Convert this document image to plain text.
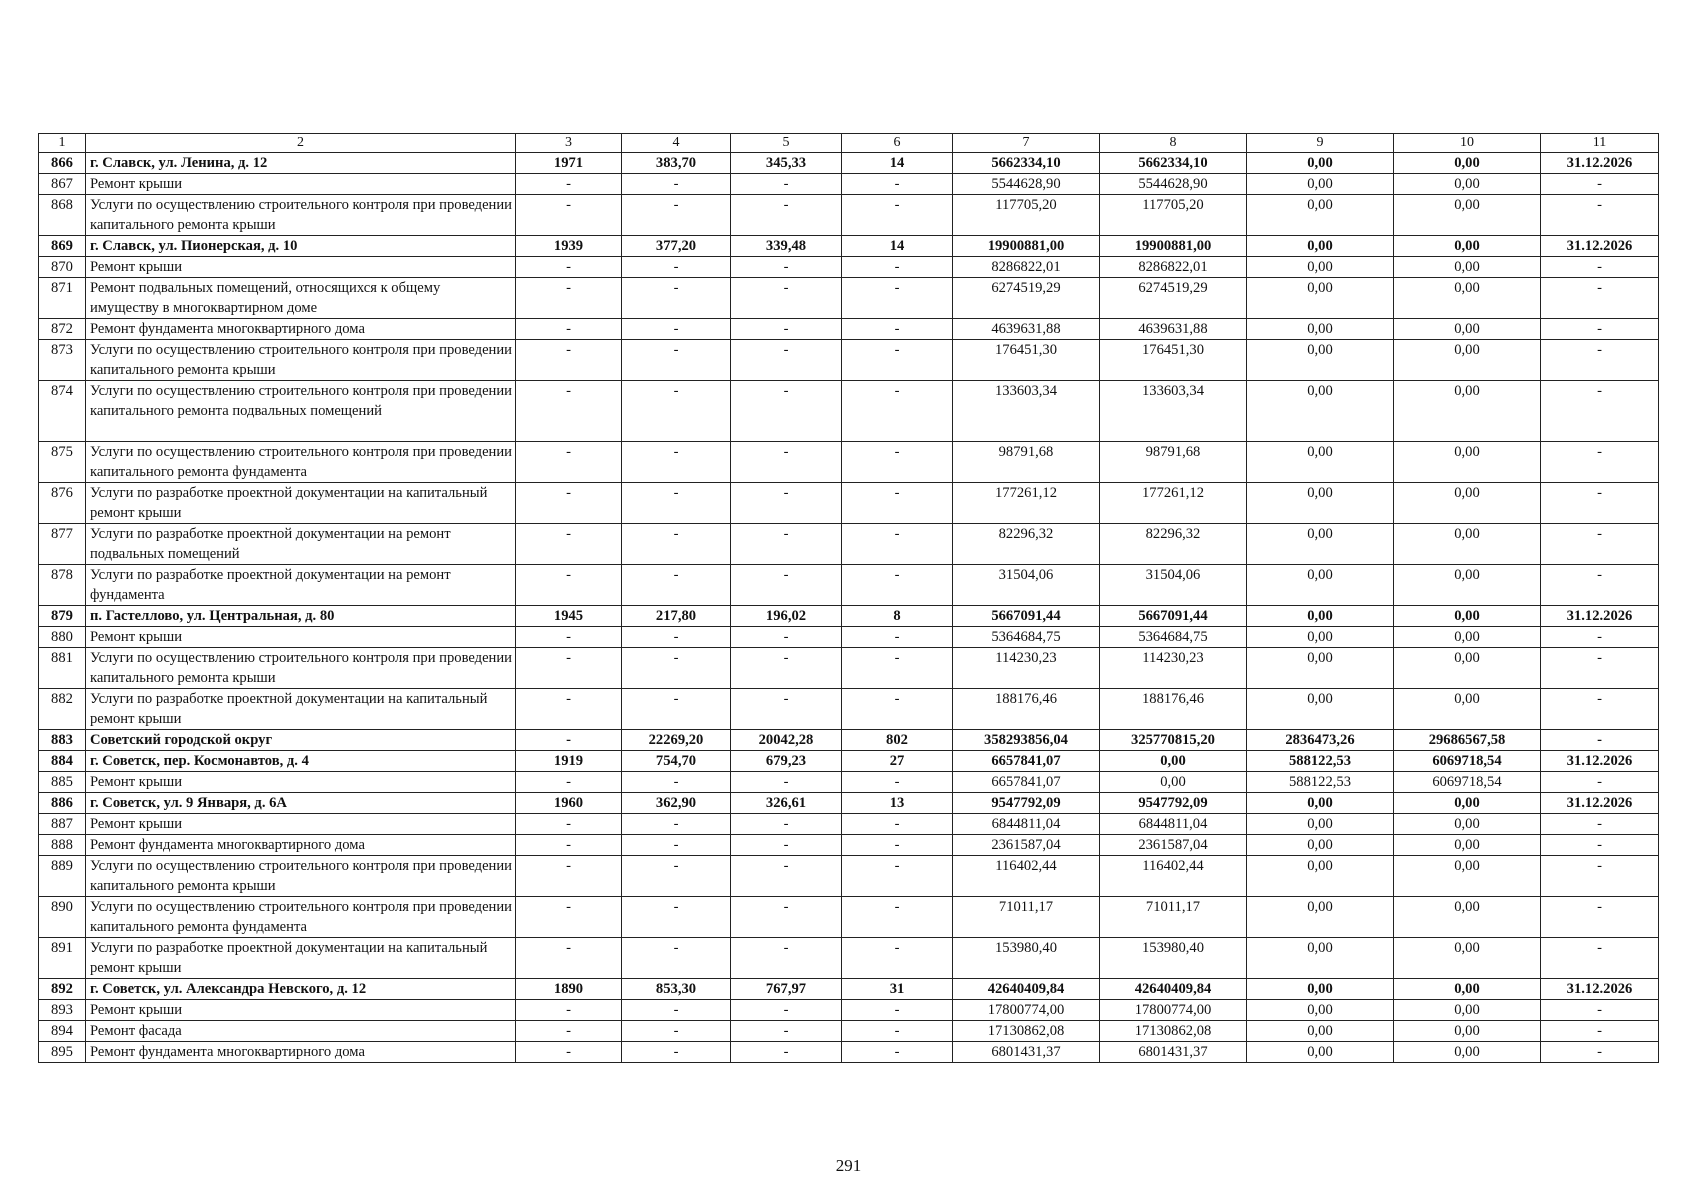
1	2	3	4	5	6	7	8	9	10	11
866	г. Славск, ул. Ленина, д. 12	1971	383,70	345,33	14	5662334,10	5662334,10	0,00	0,00	31.12.2026
867	Ремонт крыши	-	-	-	-	5544628,90	5544628,90	0,00	0,00	-
868	Услуги по осуществлению строительного контроля при проведении капитального ремонта крыши	-	-	-	-	117705,20	117705,20	0,00	0,00	-
869	г. Славск, ул. Пионерская, д. 10	1939	377,20	339,48	14	19900881,00	19900881,00	0,00	0,00	31.12.2026
870	Ремонт крыши	-	-	-	-	8286822,01	8286822,01	0,00	0,00	-
871	Ремонт подвальных помещений, относящихся к общему имуществу в многоквартирном доме	-	-	-	-	6274519,29	6274519,29	0,00	0,00	-
872	Ремонт фундамента многоквартирного дома	-	-	-	-	4639631,88	4639631,88	0,00	0,00	-
873	Услуги по осуществлению строительного контроля при проведении капитального ремонта крыши	-	-	-	-	176451,30	176451,30	0,00	0,00	-
874	Услуги по осуществлению строительного контроля при проведении капитального ремонта подвальных помещений	-	-	-	-	133603,34	133603,34	0,00	0,00	-
875	Услуги по осуществлению строительного контроля при проведении капитального ремонта фундамента	-	-	-	-	98791,68	98791,68	0,00	0,00	-
876	Услуги по разработке проектной документации на капитальный ремонт крыши	-	-	-	-	177261,12	177261,12	0,00	0,00	-
877	Услуги по разработке проектной документации на ремонт подвальных помещений	-	-	-	-	82296,32	82296,32	0,00	0,00	-
878	Услуги по разработке проектной документации на ремонт фундамента	-	-	-	-	31504,06	31504,06	0,00	0,00	-
879	п. Гастеллово, ул. Центральная, д. 80	1945	217,80	196,02	8	5667091,44	5667091,44	0,00	0,00	31.12.2026
880	Ремонт крыши	-	-	-	-	5364684,75	5364684,75	0,00	0,00	-
881	Услуги по осуществлению строительного контроля при проведении капитального ремонта крыши	-	-	-	-	114230,23	114230,23	0,00	0,00	-
882	Услуги по разработке проектной документации на капитальный ремонт крыши	-	-	-	-	188176,46	188176,46	0,00	0,00	-
883	Советский городской округ	-	22269,20	20042,28	802	358293856,04	325770815,20	2836473,26	29686567,58	-
884	г. Советск, пер. Космонавтов, д. 4	1919	754,70	679,23	27	6657841,07	0,00	588122,53	6069718,54	31.12.2026
885	Ремонт крыши	-	-	-	-	6657841,07	0,00	588122,53	6069718,54	-
886	г. Советск, ул. 9 Января, д. 6А	1960	362,90	326,61	13	9547792,09	9547792,09	0,00	0,00	31.12.2026
887	Ремонт крыши	-	-	-	-	6844811,04	6844811,04	0,00	0,00	-
888	Ремонт фундамента многоквартирного дома	-	-	-	-	2361587,04	2361587,04	0,00	0,00	-
889	Услуги по осуществлению строительного контроля при проведении капитального ремонта крыши	-	-	-	-	116402,44	116402,44	0,00	0,00	-
890	Услуги по осуществлению строительного контроля при проведении капитального ремонта фундамента	-	-	-	-	71011,17	71011,17	0,00	0,00	-
891	Услуги по разработке проектной документации на капитальный ремонт крыши	-	-	-	-	153980,40	153980,40	0,00	0,00	-
892	г. Советск, ул. Александра Невского, д. 12	1890	853,30	767,97	31	42640409,84	42640409,84	0,00	0,00	31.12.2026
893	Ремонт крыши	-	-	-	-	17800774,00	17800774,00	0,00	0,00	-
894	Ремонт фасада	-	-	-	-	17130862,08	17130862,08	0,00	0,00	-
895	Ремонт фундамента многоквартирного дома	-	-	-	-	6801431,37	6801431,37	0,00	0,00	-
291
